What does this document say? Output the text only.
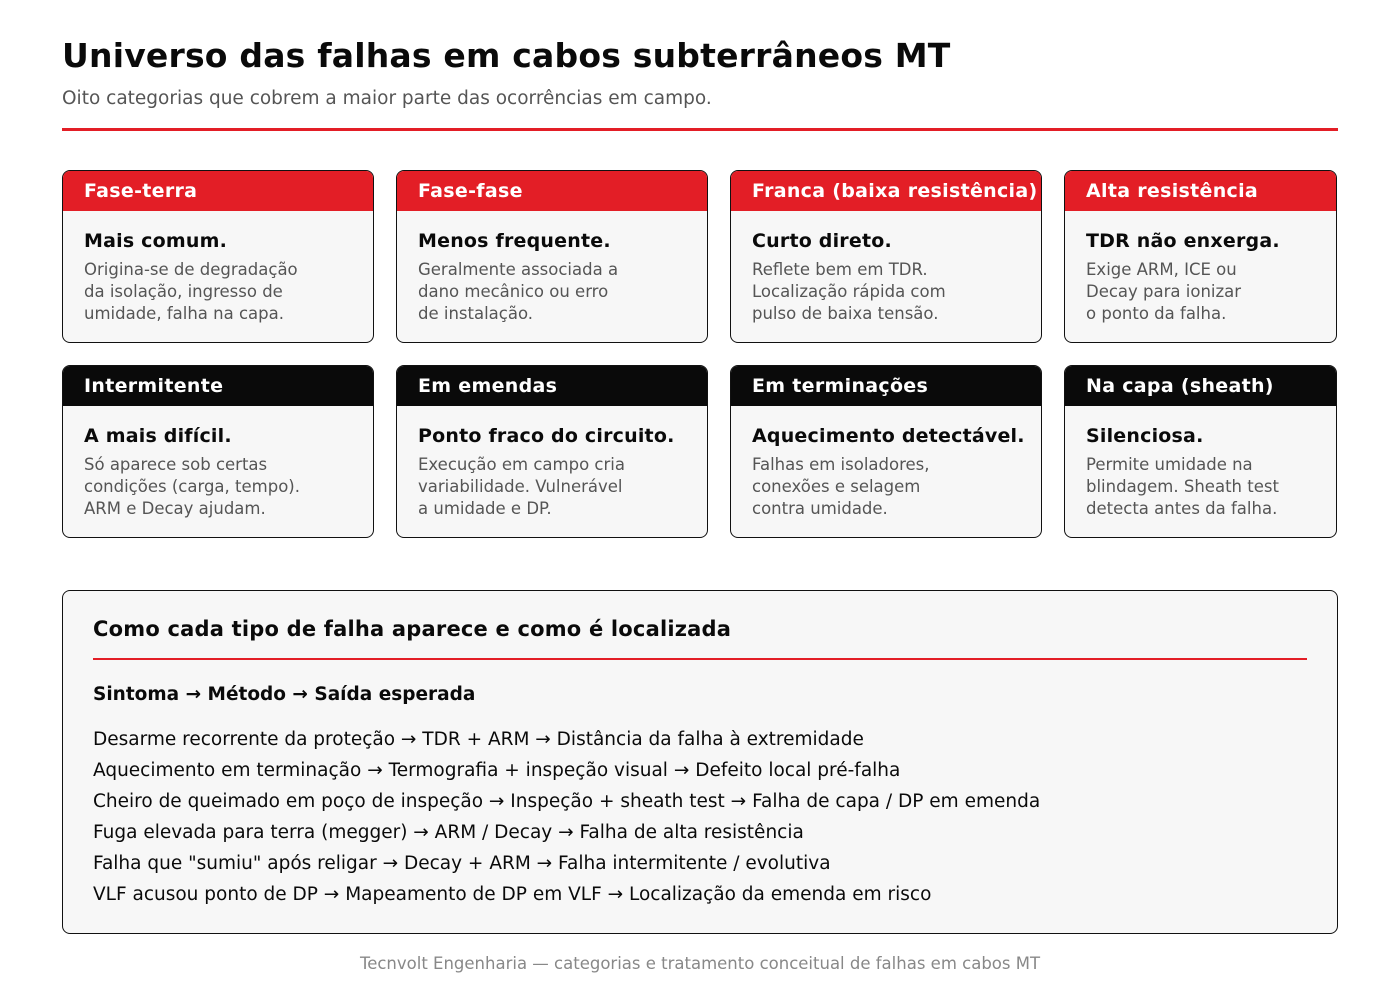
Universo das falhas em cabos subterrâneos MT

Oito categorias que cobrem a maior parte das ocorrências em campo.

Fase-terra

Mais comum.

Origina-se de degradação
da isolação, ingresso de
umidade, falha na capa.

Fase-fase

Menos frequente.

Geralmente associada a
dano mecânico ou erro
de instalação.

Franca (baixa resistência)

Curto direto.

Reflete bem em TDR.
Localização rápida com
pulso de baixa tensão.

Alta resistência

TDR não enxerga.

Exige ARM, ICE ou
Decay para ionizar
o ponto da falha.

Intermitente

A mais difícil.

Só aparece sob certas
condições (carga, tempo).
ARM e Decay ajudam.

Em emendas

Ponto fraco do circuito.

Execução em campo cria
variabilidade. Vulnerável
a umidade e DP.

Em terminações

Aquecimento detectável.

Falhas em isoladores,
conexões e selagem
contra umidade.

Na capa (sheath)

Silenciosa.

Permite umidade na
blindagem. Sheath test
detecta antes da falha.

Como cada tipo de falha aparece e como é localizada

Sintoma → Método → Saída esperada

Desarme recorrente da proteção → TDR + ARM → Distância da falha à extremidade
Aquecimento em terminação → Termografia + inspeção visual → Defeito local pré-falha
Cheiro de queimado em poço de inspeção → Inspeção + sheath test → Falha de capa / DP em emenda
Fuga elevada para terra (megger) → ARM / Decay → Falha de alta resistência
Falha que "sumiu" após religar → Decay + ARM → Falha intermitente / evolutiva
VLF acusou ponto de DP → Mapeamento de DP em VLF → Localização da emenda em risco

Tecnvolt Engenharia — categorias e tratamento conceitual de falhas em cabos MT
